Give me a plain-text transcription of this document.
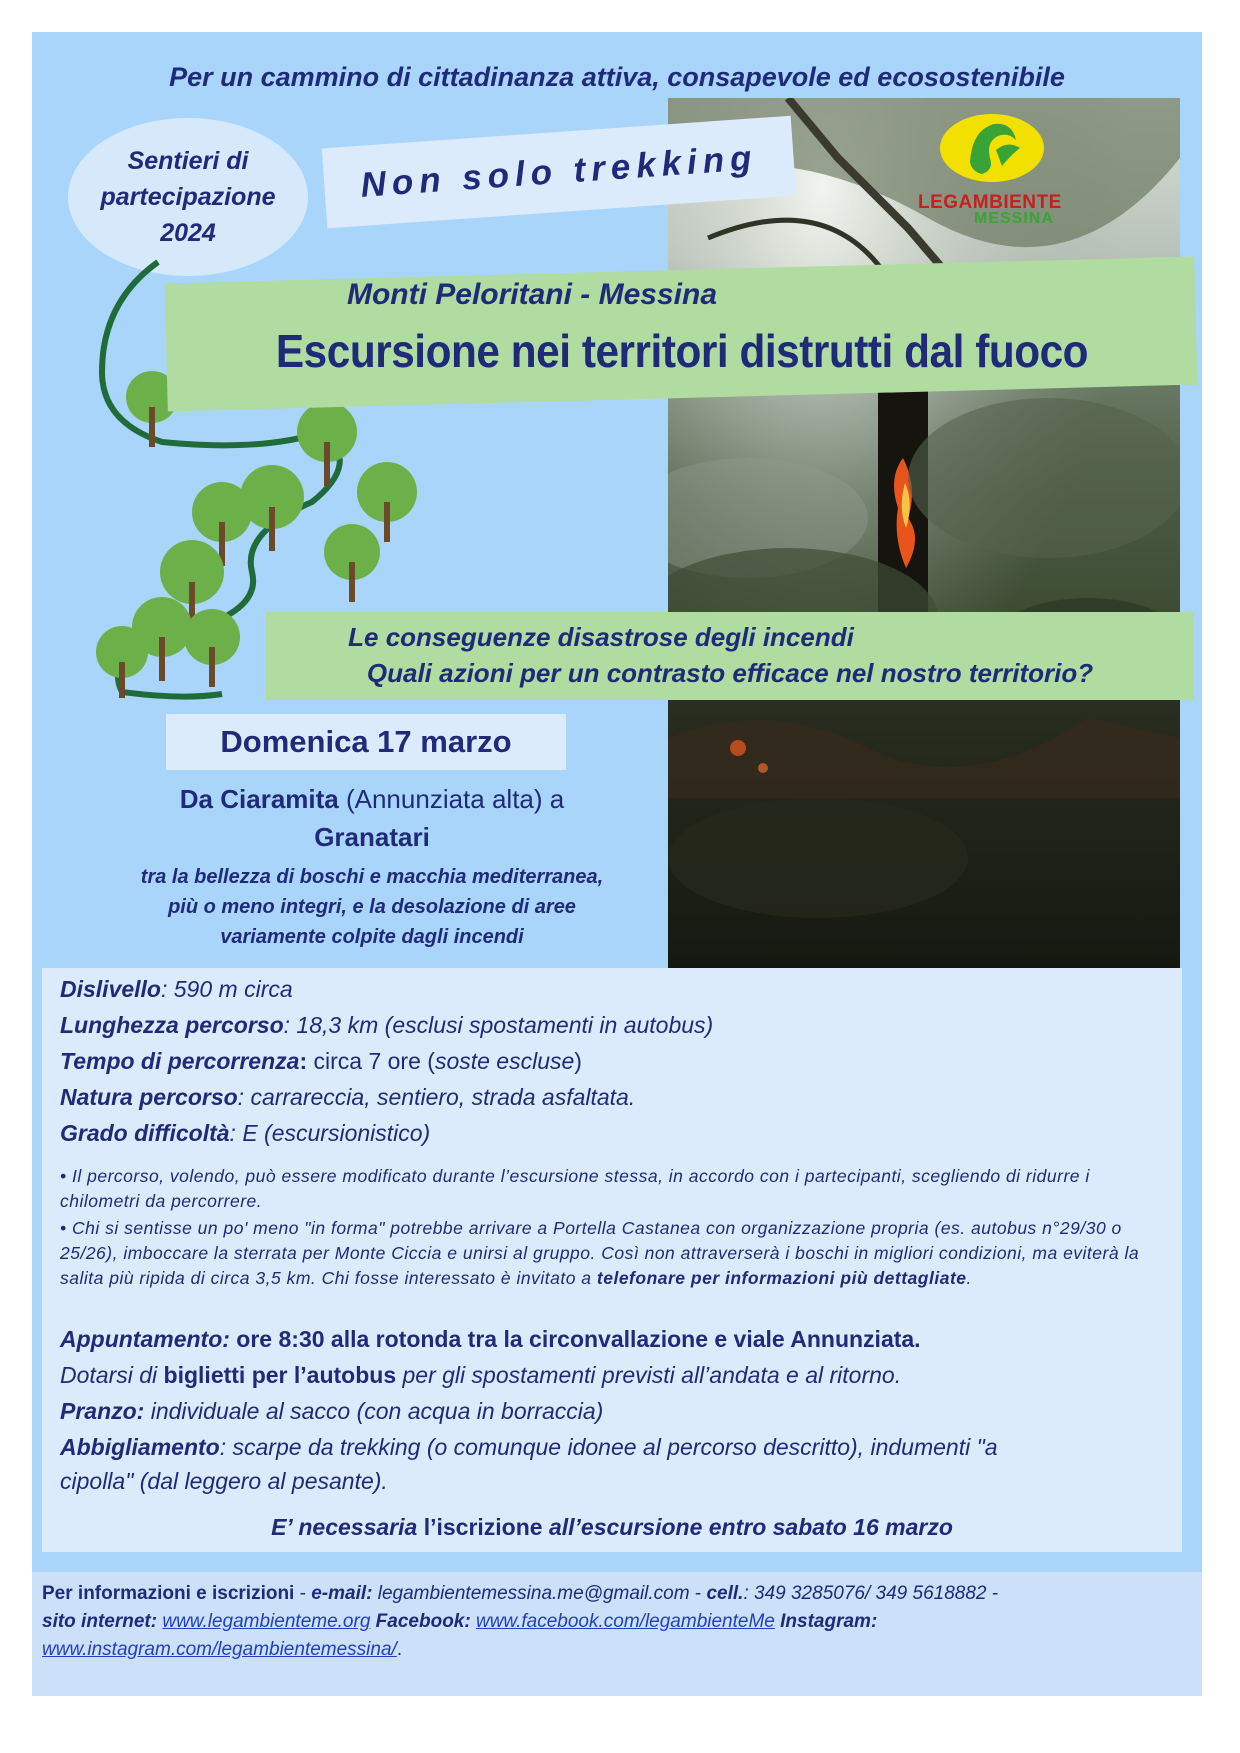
Per un cammino di cittadinanza attiva, consapevole ed ecosostenibile
LEGAMBIENTE
MESSINA
Sentieri di
partecipazione
2024
Non solo trekking
Monti Peloritani - Messina
Escursione nei territori distrutti dal fuoco
Le conseguenze disastrose degli incendi
Quali azioni per un contrasto efficace nel nostro territorio?
Domenica 17 marzo
Da Ciaramita (Annunziata alta) a
Granatari
tra la bellezza di boschi e macchia mediterranea,
più o meno integri, e la desolazione di aree
variamente colpite dagli incendi
Dislivello: 590 m circa
Lunghezza percorso: 18,3 km (esclusi spostamenti in autobus)
Tempo di percorrenza: circa 7 ore (soste escluse)
Natura percorso: carrareccia, sentiero, strada asfaltata.
Grado difficoltà: E (escursionistico)
• Il percorso, volendo, può essere modificato durante l’escursione stessa, in accordo con i partecipanti, scegliendo di ridurre i chilometri da percorrere.
• Chi si sentisse un po' meno "in forma" potrebbe arrivare a Portella Castanea con organizzazione propria (es. autobus n°29/30 o 25/26), imboccare la sterrata per Monte Ciccia e unirsi al gruppo. Così non attraverserà i boschi in migliori condizioni, ma eviterà la salita più ripida di circa 3,5 km. Chi fosse interessato è invitato a telefonare per informazioni più dettagliate.
Appuntamento: ore 8:30 alla rotonda tra la circonvallazione e viale Annunziata.
Dotarsi di biglietti per l’autobus per gli spostamenti previsti all’andata e al ritorno.
Pranzo: individuale al sacco (con acqua in borraccia)
Abbigliamento: scarpe da trekking (o comunque idonee al percorso descritto), indumenti "a
cipolla" (dal leggero al pesante).
E’ necessaria l’iscrizione all’escursione entro sabato 16 marzo
Per informazioni e iscrizioni - e-mail: legambientemessina.me@gmail.com - cell.: 349 3285076/ 349 5618882 -
sito internet: www.legambienteme.org Facebook: www.facebook.com/legambienteMe Instagram:
www.instagram.com/legambientemessina/.
